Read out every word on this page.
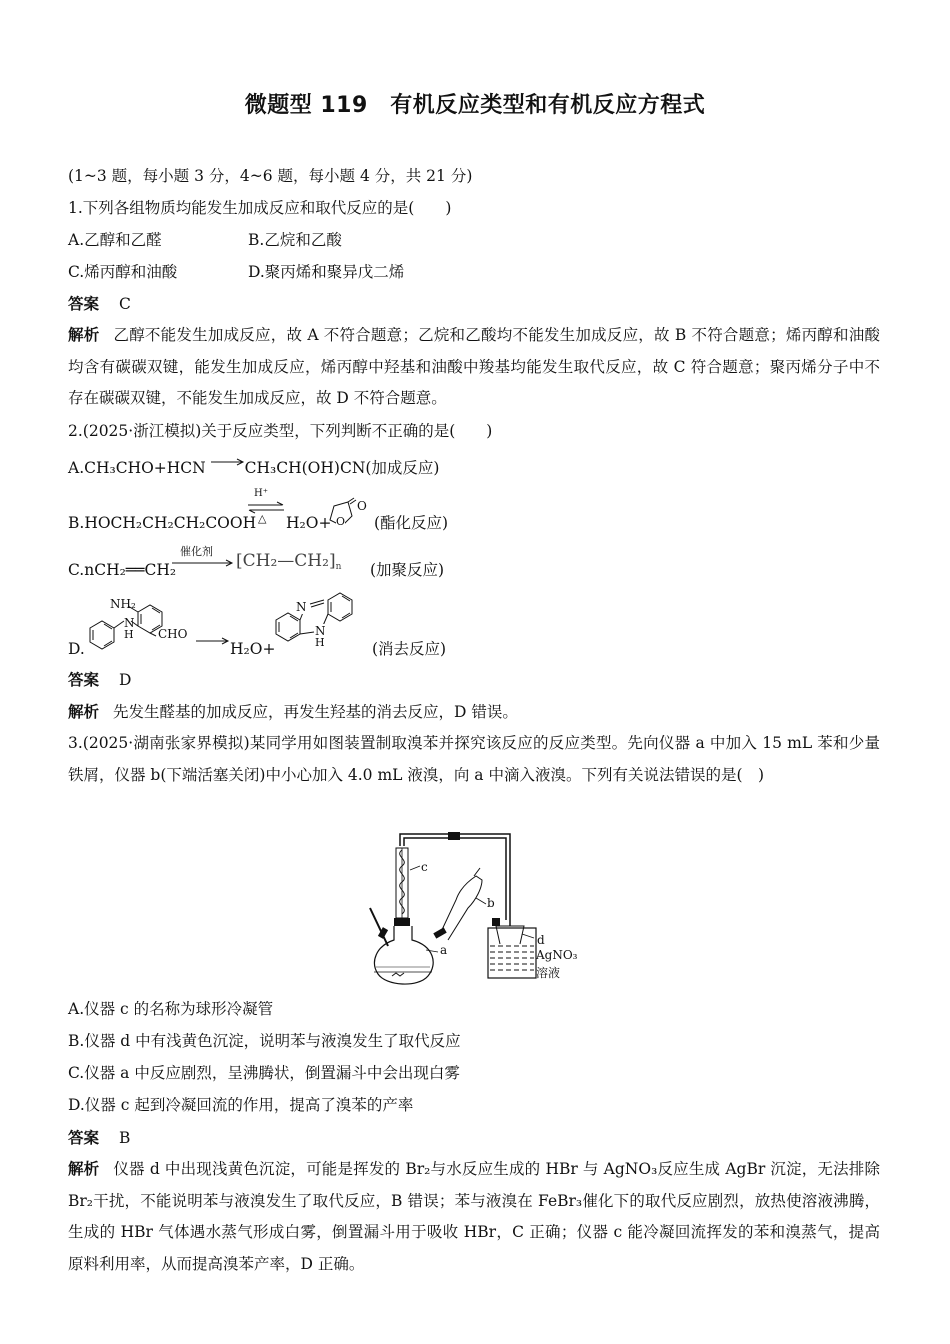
微题型 119　有机反应类型和有机反应方程式
(1~3 题，每小题 3 分，4~6 题，每小题 4 分，共 21 分)
1.下列各组物质均能发生加成反应和取代反应的是(　　)
A.乙醇和乙醛	B.乙烷和乙酸
C.烯丙醇和油酸	D.聚丙烯和聚异戊二烯
答案 C
解析 乙醇不能发生加成反应，故 A 不符合题意；乙烷和乙酸均不能发生加成反应，故 B 不符合题意；烯丙醇和油酸均含有碳碳双键，能发生加成反应，烯丙醇中羟基和油酸中羧基均能发生取代反应，故 C 符合题意；聚丙烯分子中不存在碳碳双键，不能发生加成反应，故 D 不符合题意。
2.(2025·浙江模拟)关于反应类型，下列判断不正确的是(　　)
A.CH₃CHO+HCN →CH₃CH(OH)CN(加成反应)
B.HOCH₂CH₂CH₂COOH
H⁺
△ H₂O+
O
O (酯化反应)
C.nCH₂══CH₂
催化剂 $[CH_2—CH_2]_n$ (加聚反应)
D.
NH₂
N
H CHO
H₂O+
N
N
H	(消去反应)
答案 D
解析 先发生醛基的加成反应，再发生羟基的消去反应，D 错误。
3.(2025·湖南张家界模拟)某同学用如图装置制取溴苯并探究该反应的反应类型。先向仪器 a 中加入 15 mL 苯和少量铁屑，仪器 b(下端活塞关闭)中小心加入 4.0 mL 液溴，向 a 中滴入液溴。下列有关说法错误的是(　)
c
b
a
d
AgNO₃
溶液
A.仪器 c 的名称为球形冷凝管
B.仪器 d 中有浅黄色沉淀，说明苯与液溴发生了取代反应
C.仪器 a 中反应剧烈，呈沸腾状，倒置漏斗中会出现白雾
D.仪器 c 起到冷凝回流的作用，提高了溴苯的产率
答案 B
解析 仪器 d 中出现浅黄色沉淀，可能是挥发的 Br₂与水反应生成的 HBr 与 AgNO₃反应生成 AgBr 沉淀，无法排除 Br₂干扰，不能说明苯与液溴发生了取代反应，B 错误；苯与液溴在 FeBr₃催化下的取代反应剧烈，放热使溶液沸腾，生成的 HBr 气体遇水蒸气形成白雾，倒置漏斗用于吸收 HBr，C 正确；仪器 c 能冷凝回流挥发的苯和溴蒸气，提高原料利用率，从而提高溴苯产率，D 正确。
